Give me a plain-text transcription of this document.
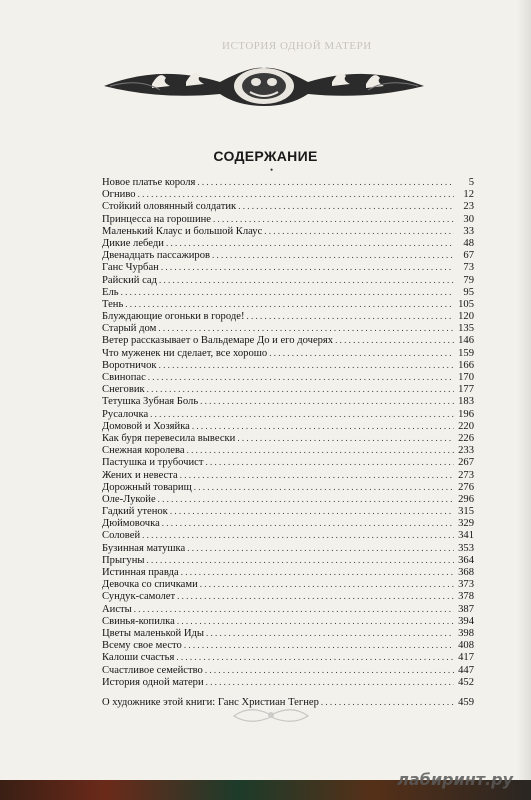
ИСТОРИЯ ОДНОЙ МАТЕРИ
СОДЕРЖАНИЕ
•
Новое платье короля . . .	5
Огниво . . .	12
Стойкий оловянный солдатик . . .	23
Принцесса на горошине . . .	30
Маленький Клаус и большой Клаус . . .	33
Дикие лебеди . . .	48
Двенадцать пассажиров . . .	67
Ганс Чурбан . . .	73
Райский сад . . .	79
Ель . . .	95
Тень . . .	105
Блуждающие огоньки в городе! . . .	120
Старый дом . . .	135
Ветер рассказывает о Вальдемаре До и его дочерях . . .	146
Что муженек ни сделает, все хорошо . . .	159
Воротничок . . .	166
Свинопас . . .	170
Снеговик . . .	177
Тетушка Зубная Боль . . .	183
Русалочка . . .	196
Домовой и Хозяйка . . .	220
Как буря перевесила вывески . . .	226
Снежная королева . . .	233
Пастушка и трубочист . . .	267
Жених и невеста . . .	273
Дорожный товарищ . . .	276
Оле-Лукойе . . .	296
Гадкий утенок . . .	315
Дюймовочка . . .	329
Соловей . . .	341
Бузинная матушка . . .	353
Прыгуны . . .	364
Истинная правда . . .	368
Девочка со спичками . . .	373
Сундук-самолет . . .	378
Аисты . . .	387
Свинья-копилка . . .	394
Цветы маленькой Иды . . .	398
Всему свое место . . .	408
Калоши счастья . . .	417
Счастливое семейство . . .	447
История одной матери . . .	452
О художнике этой книги: Ганс Христиан Тегнер . . .	459
лабиринт.ру
